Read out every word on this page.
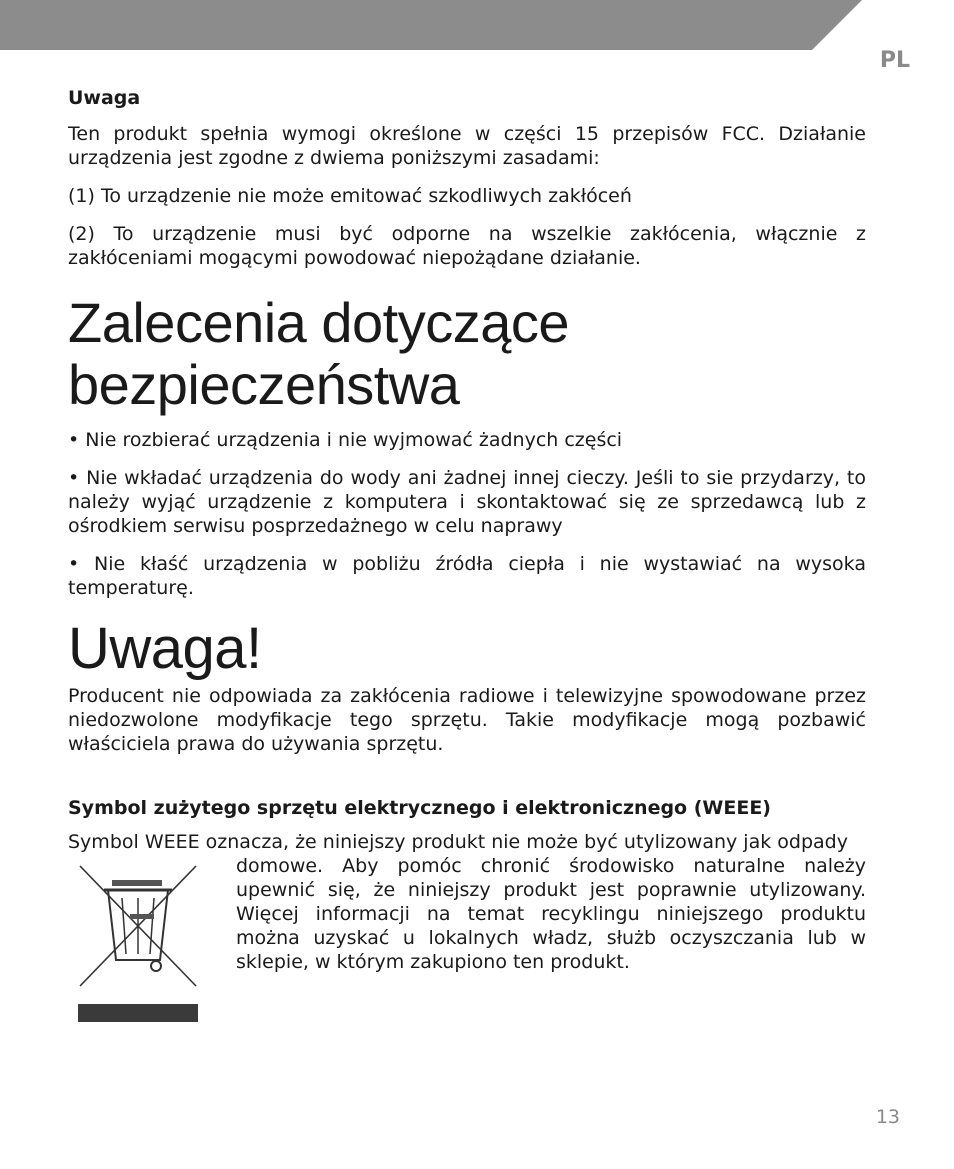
PL

Uwaga

Ten produkt spełnia wymogi określone w części 15 przepisów FCC. Działanie urządzenia jest zgodne z dwiema poniższymi zasadami:

(1) To urządzenie nie może emitować szkodliwych zakłóceń

(2) To urządzenie musi być odporne na wszelkie zakłócenia, włącznie z zakłóceniami mogącymi powodować niepożądane działanie.

Zalecenia dotyczące bezpieczeństwa

• Nie rozbierać urządzenia i nie wyjmować żadnych części

• Nie wkładać urządzenia do wody ani żadnej innej cieczy. Jeśli to sie przydarzy, to należy wyjąć urządzenie z komputera i skontaktować się ze sprzedawcą lub z ośrodkiem serwisu posprzedażnego w celu naprawy

• Nie kłaść urządzenia w pobliżu źródła ciepła i nie wystawiać na wysoka temperaturę.

Uwaga!

Producent nie odpowiada za zakłócenia radiowe i telewizyjne spowodowane przez niedozwolone modyfikacje tego sprzętu. Takie modyfikacje mogą pozbawić właściciela prawa do używania sprzętu.

Symbol zużytego sprzętu elektrycznego i elektronicznego (WEEE)

Symbol WEEE oznacza, że niniejszy produkt nie może być utylizowany jak odpady

domowe. Aby pomóc chronić środowisko naturalne należy upewnić się, że niniejszy produkt jest poprawnie utylizowany. Więcej informacji na temat recyklingu niniejszego produktu można uzyskać u lokalnych władz, służb oczyszczania lub w sklepie, w którym zakupiono ten produkt.

13
